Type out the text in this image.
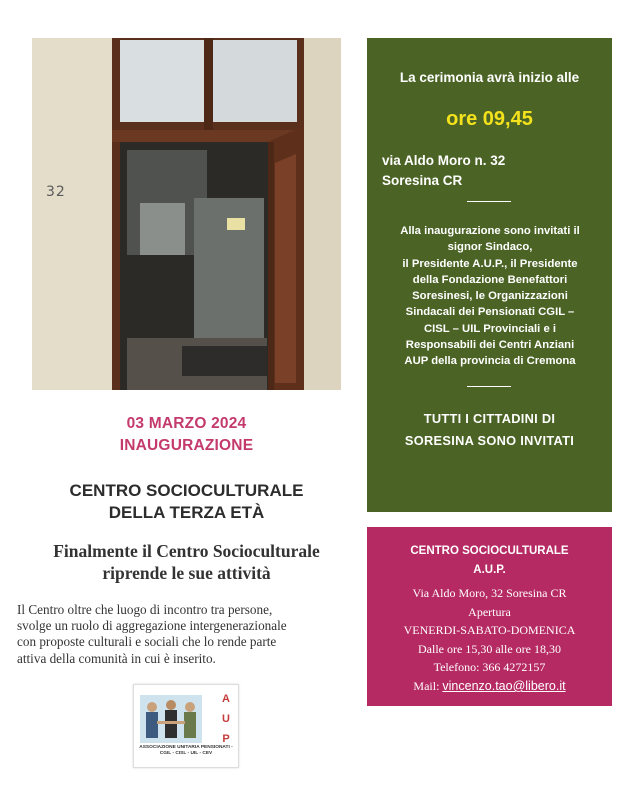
32
03 MARZO 2024
INAUGURAZIONE
CENTRO SOCIOCULTURALE
DELLA TERZA ETÀ
Finalmente il Centro Socioculturale
riprende le sue attività
Il Centro oltre che luogo di incontro tra persone,
svolge un ruolo di aggregazione intergenerazionale
con proposte culturali e sociali che lo rende parte
attiva della comunità in cui è inserito.
A
U
P
ASSOCIAZIONE UNITARIA PENSIONATI -
CGIL - CISL - UIL - CEV
La cerimonia avrà inizio alle
ore 09,45
via Aldo Moro n. 32
Soresina CR
Alla inaugurazione sono invitati il
signor Sindaco,
il Presidente A.U.P., il Presidente
della Fondazione Benefattori
Soresinesi, le Organizzazioni
Sindacali dei Pensionati CGIL –
CISL – UIL Provinciali e i
Responsabili dei Centri Anziani
AUP della provincia di Cremona
TUTTI I CITTADINI DI
SORESINA SONO INVITATI
CENTRO SOCIOCULTURALE
A.U.P.
Via Aldo Moro, 32 Soresina CR
Apertura
VENERDI-SABATO-DOMENICA
Dalle ore 15,30 alle ore 18,30
Telefono: 366 4272157
Mail: vincenzo.tao@libero.it
